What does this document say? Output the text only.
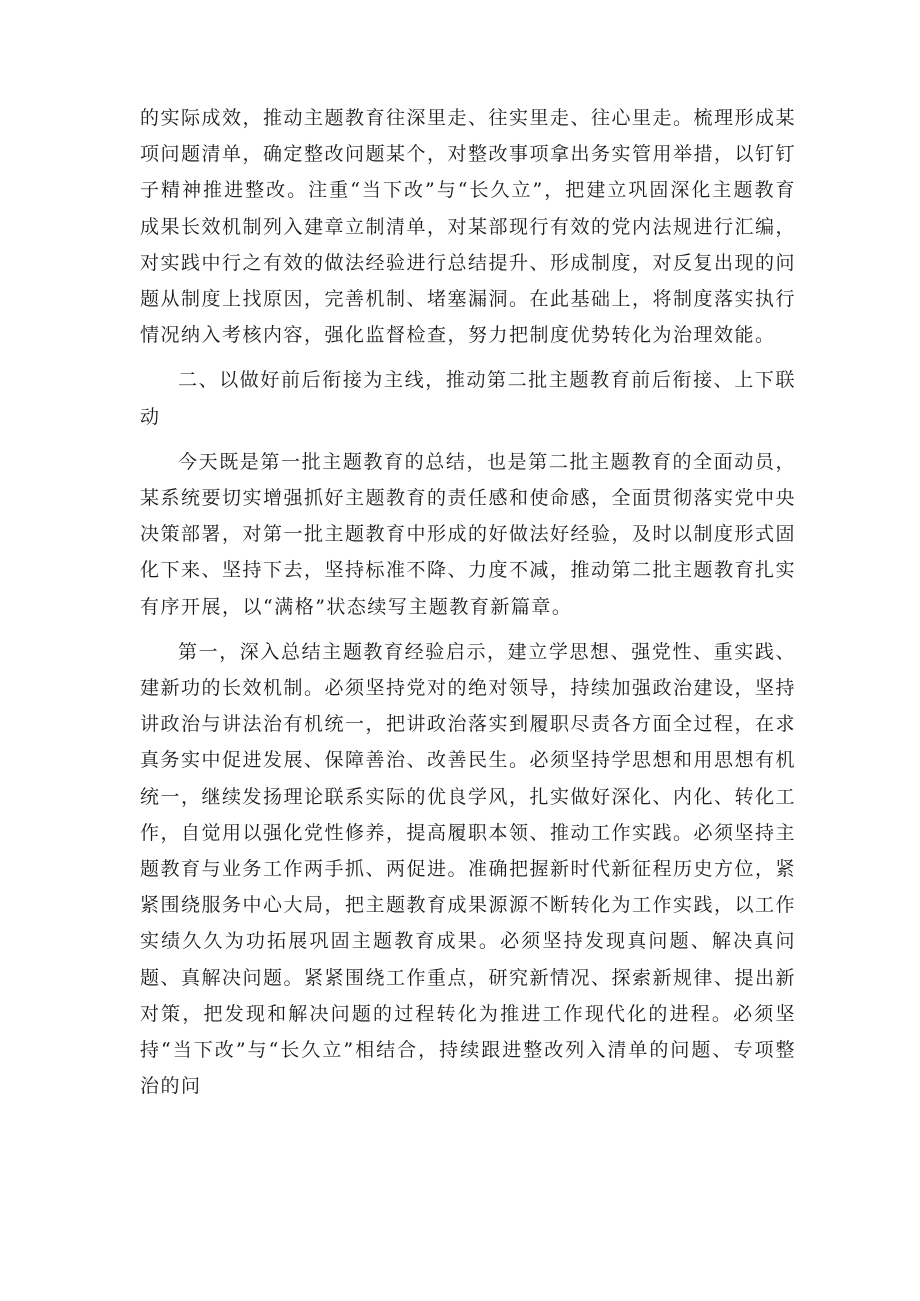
的实际成效，推动主题教育往深里走、往实里走、往心里走。梳理形成某项问题清单，确定整改问题某个，对整改事项拿出务实管用举措，以钉钉子精神推进整改。注重“当下改”与“长久立”，把建立巩固深化主题教育成果长效机制列入建章立制清单，对某部现行有效的党内法规进行汇编，对实践中行之有效的做法经验进行总结提升、形成制度，对反复出现的问题从制度上找原因，完善机制、堵塞漏洞。在此基础上，将制度落实执行情况纳入考核内容，强化监督检查，努力把制度优势转化为治理效能。

二、以做好前后衔接为主线，推动第二批主题教育前后衔接、上下联动

今天既是第一批主题教育的总结，也是第二批主题教育的全面动员，某系统要切实增强抓好主题教育的责任感和使命感，全面贯彻落实党中央决策部署，对第一批主题教育中形成的好做法好经验，及时以制度形式固化下来、坚持下去，坚持标准不降、力度不减，推动第二批主题教育扎实有序开展，以“满格”状态续写主题教育新篇章。

第一，深入总结主题教育经验启示，建立学思想、强党性、重实践、建新功的长效机制。必须坚持党对的绝对领导，持续加强政治建设，坚持讲政治与讲法治有机统一，把讲政治落实到履职尽责各方面全过程，在求真务实中促进发展、保障善治、改善民生。必须坚持学思想和用思想有机统一，继续发扬理论联系实际的优良学风，扎实做好深化、内化、转化工作，自觉用以强化党性修养，提高履职本领、推动工作实践。必须坚持主题教育与业务工作两手抓、两促进。准确把握新时代新征程历史方位，紧紧围绕服务中心大局，把主题教育成果源源不断转化为工作实践，以工作实绩久久为功拓展巩固主题教育成果。必须坚持发现真问题、解决真问题、真解决问题。紧紧围绕工作重点，研究新情况、探索新规律、提出新对策，把发现和解决问题的过程转化为推进工作现代化的进程。必须坚持“当下改”与“长久立”相结合，持续跟进整改列入清单的问题、专项整治的问
